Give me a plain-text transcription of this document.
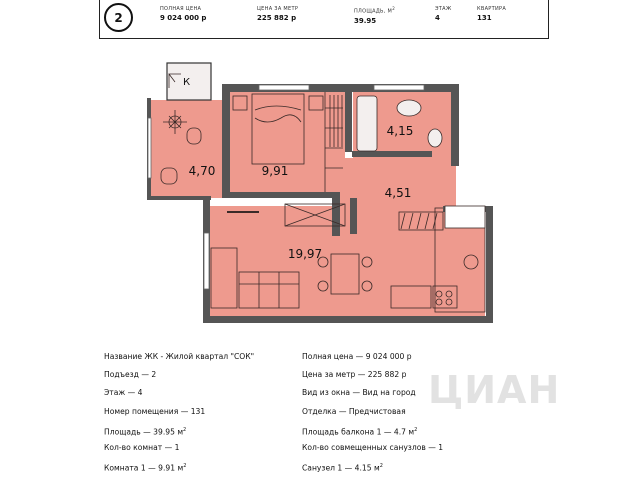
2
ПОЛНАЯ ЦЕНА
9 024 000 р
ЦЕНА ЗА МЕТР
225 882 р
ПЛОЩАДЬ, $М^2$
39.95
ЭТАЖ
4
КВАРТИРА
131
К
4,70	9,91
4,15
4,51
19,97
Название ЖК - Жилой квартал "СОК"
Подъезд — 2
Этаж — 4
Номер помещения — 131
Площадь — 39.95 $м^2$
Кол-во комнат — 1
Комната 1 — 9.91 $м^2$
Полная цена — 9 024 000 р
Цена за метр — 225 882 р
Вид из окна — Вид на город
Отделка — Предчистовая
Площадь балкона 1 — 4.7 $м^2$
Кол-во совмещенных санузлов — 1
Санузел 1 — 4.15 $м^2$
ЦИАН
